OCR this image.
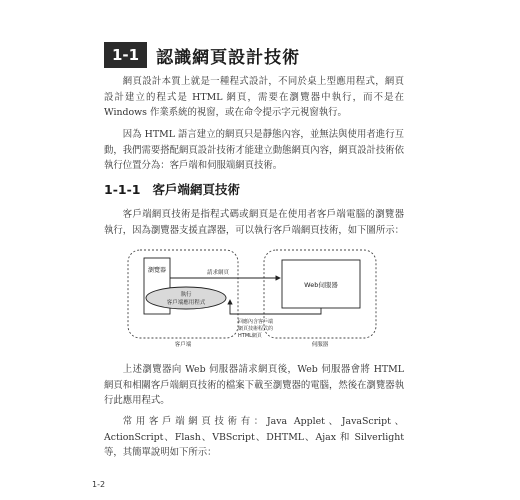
1-1	認識網頁設計技術

網頁設計本質上就是一種程式設計，不同於桌上型應用程式，網頁設計建立的程式是 HTML 網頁，需要在瀏覽器中執行，而不是在 Windows 作業系統的視窗，或在命令提示字元視窗執行。

因為 HTML 語言建立的網頁只是靜態內容，並無法與使用者進行互動，我們需要搭配網頁設計技術才能建立動態網頁內容，網頁設計技術依執行位置分為：客戶端和伺服端網頁技術。

1-1-1 客戶端網頁技術

客戶端網頁技術是指程式碼或網頁是在使用者客戶端電腦的瀏覽器執行，因為瀏覽器支援直譯器，可以執行客戶端網頁技術，如下圖所示：

瀏覽器
執行
客戶端應用程式
Web伺服器
請求網頁
回應內含客戶端
網頁技術程式的
HTML網頁
客戶端	伺服器

上述瀏覽器向 Web 伺服器請求網頁後，Web 伺服器會將 HTML 網頁和相關客戶端網頁技術的檔案下載至瀏覽器的電腦，然後在瀏覽器執行此應用程式。

常用客戶端網頁技術有：Java Applet、JavaScript、ActionScript、Flash、VBScript、DHTML、Ajax 和 Silverlight 等，其簡單說明如下所示：

1-2
